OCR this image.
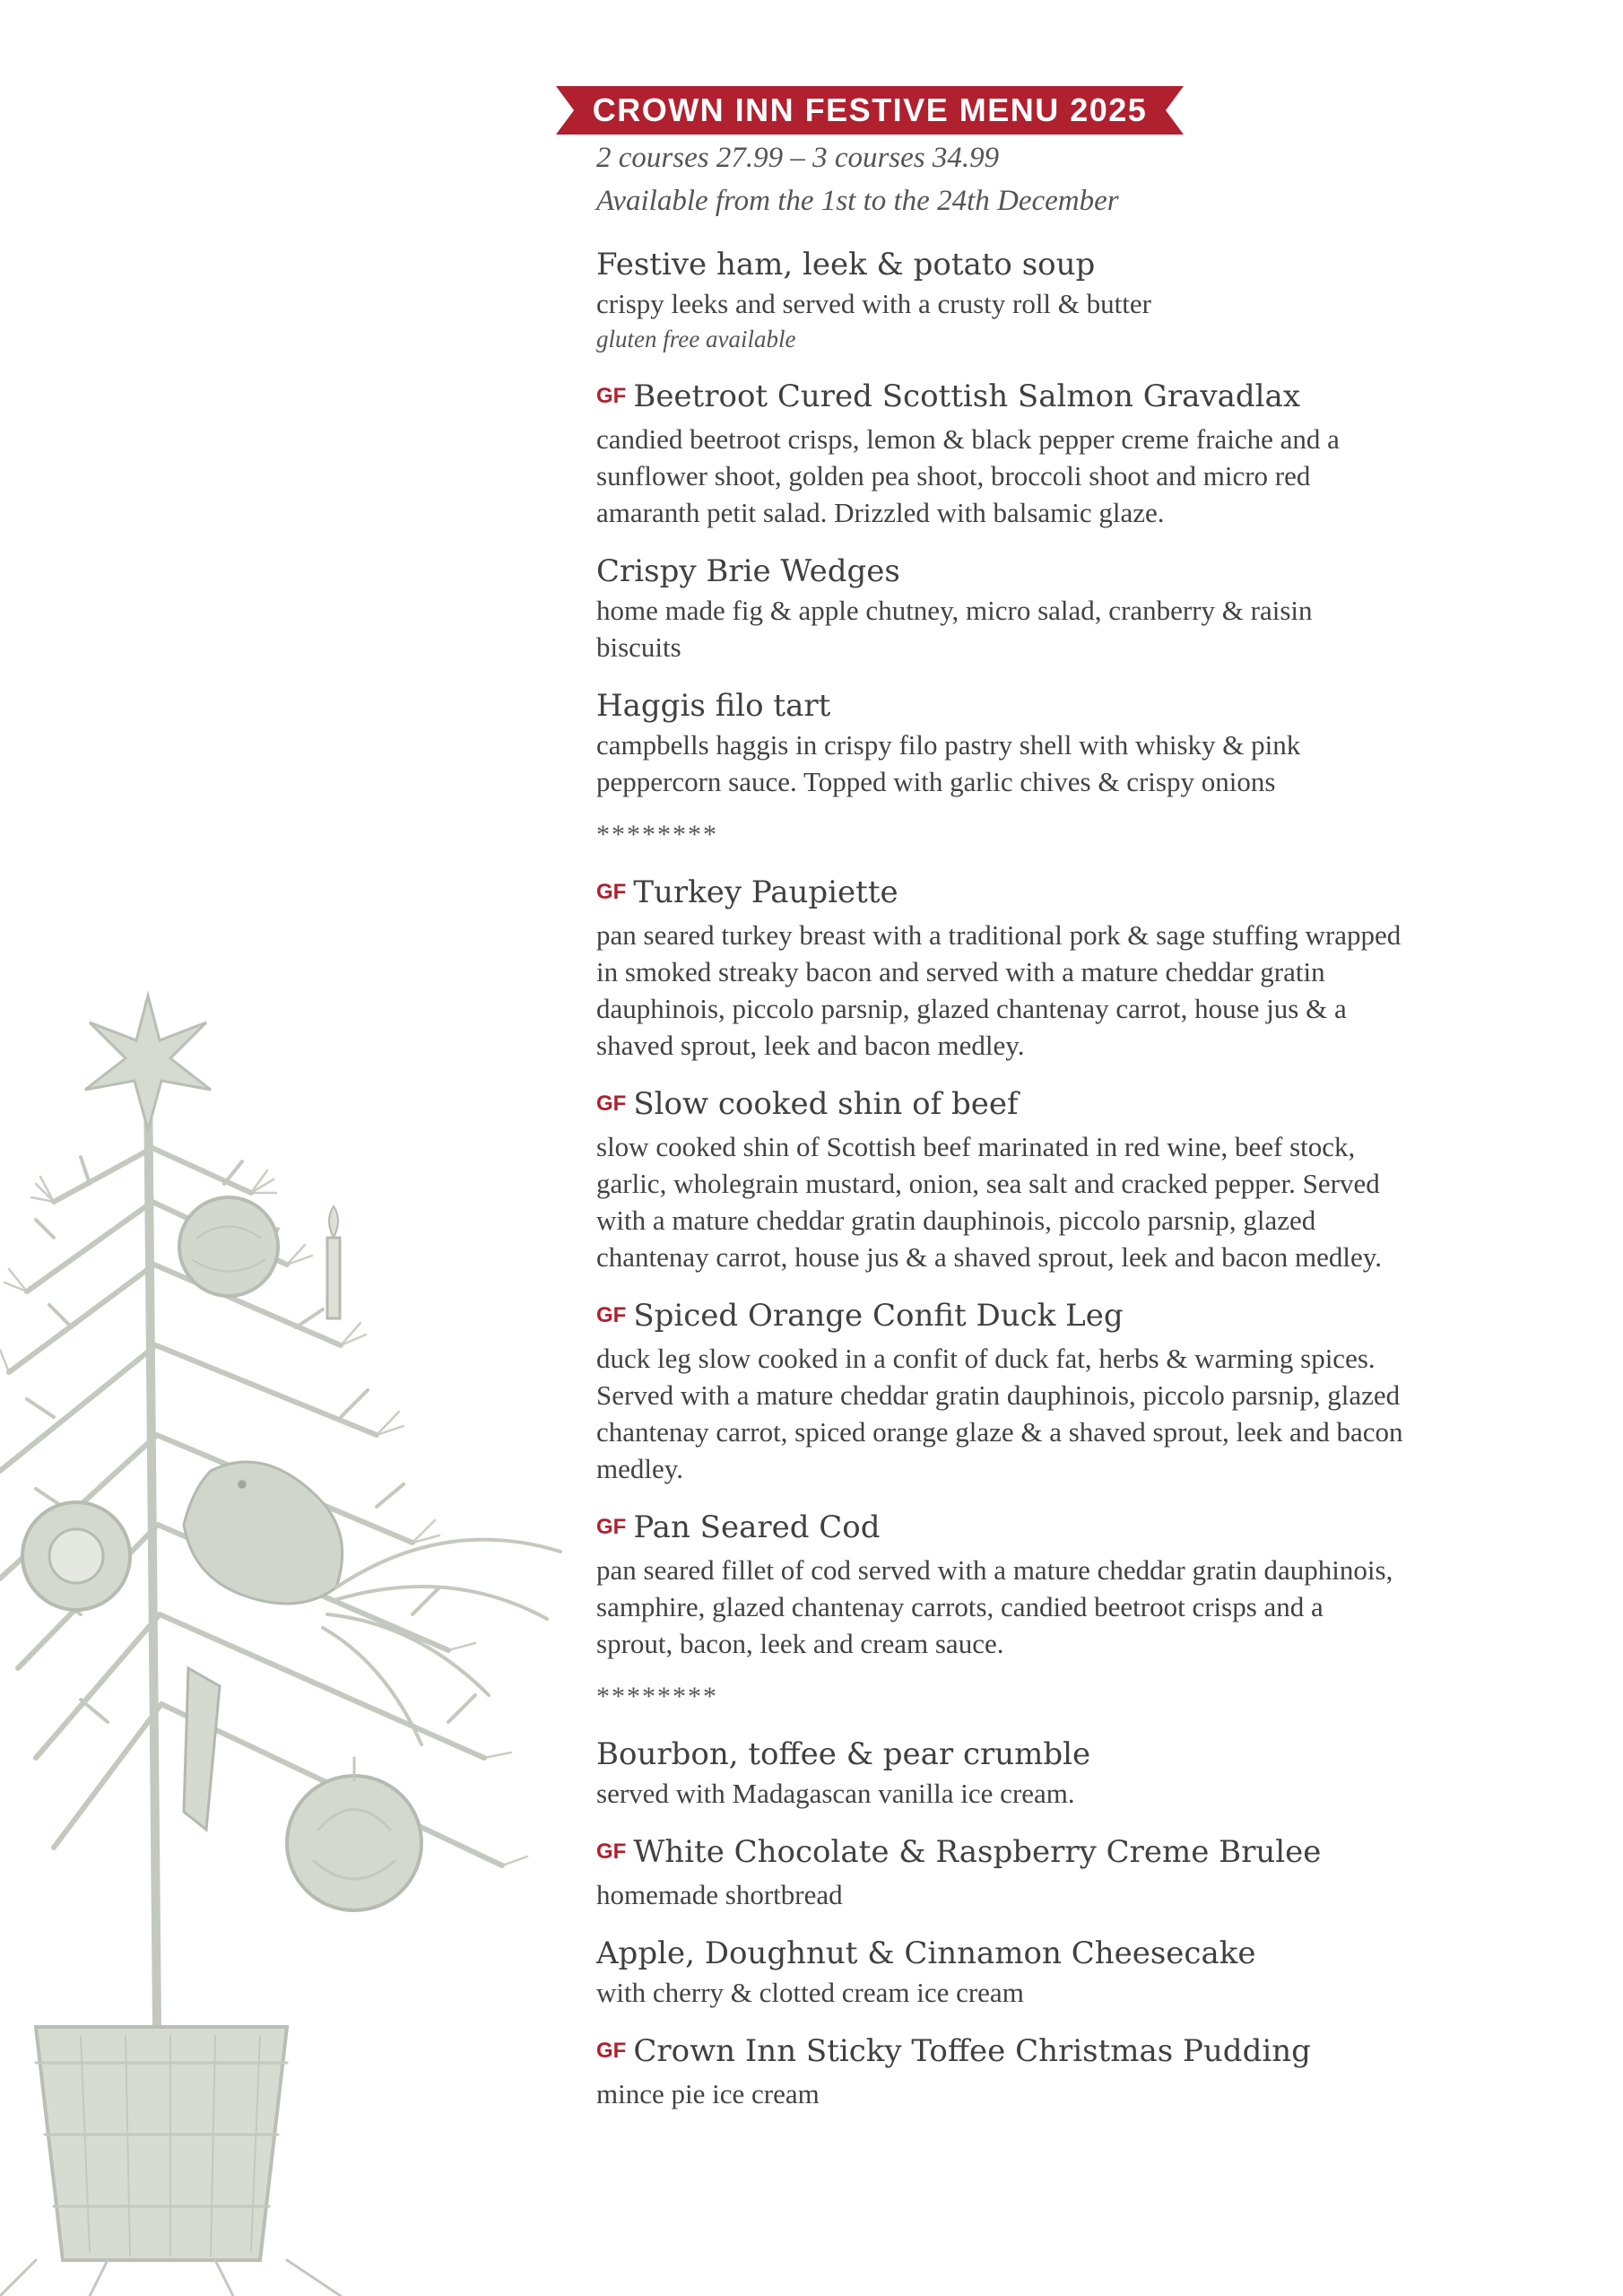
CROWN INN FESTIVE MENU 2025
2 courses 27.99 – 3 courses 34.99
Available from the 1st to the 24th December
Festive ham, leek & potato soup
crispy leeks and served with a crusty roll & butter
gluten free available
GF Beetroot Cured Scottish Salmon Gravadlax
candied beetroot crisps, lemon & black pepper creme fraiche and a sunflower shoot, golden pea shoot, broccoli shoot and micro red amaranth petit salad. Drizzled with balsamic glaze.
Crispy Brie Wedges
home made fig & apple chutney, micro salad, cranberry & raisin biscuits
Haggis filo tart
campbells haggis in crispy filo pastry shell with whisky & pink peppercorn sauce. Topped with garlic chives & crispy onions
********
GF Turkey Paupiette
pan seared turkey breast with a traditional pork & sage stuffing wrapped in smoked streaky bacon and served with a mature cheddar gratin dauphinois, piccolo parsnip, glazed chantenay carrot, house jus & a shaved sprout, leek and bacon medley.
GF Slow cooked shin of beef
slow cooked shin of Scottish beef marinated in red wine, beef stock, garlic, wholegrain mustard, onion, sea salt and cracked pepper. Served with a mature cheddar gratin dauphinois, piccolo parsnip, glazed chantenay carrot, house jus & a shaved sprout, leek and bacon medley.
GF Spiced Orange Confit Duck Leg
duck leg slow cooked in a confit of duck fat, herbs & warming spices. Served with a mature cheddar gratin dauphinois, piccolo parsnip, glazed chantenay carrot, spiced orange glaze & a shaved sprout, leek and bacon medley.
GF Pan Seared Cod
pan seared fillet of cod served with a mature cheddar gratin dauphinois, samphire, glazed chantenay carrots, candied beetroot crisps and a sprout, bacon, leek and cream sauce.
********
Bourbon, toffee & pear crumble
served with Madagascan vanilla ice cream.
GF White Chocolate & Raspberry Creme Brulee
homemade shortbread
Apple, Doughnut & Cinnamon Cheesecake
with cherry & clotted cream ice cream
GF Crown Inn Sticky Toffee Christmas Pudding
mince pie ice cream
